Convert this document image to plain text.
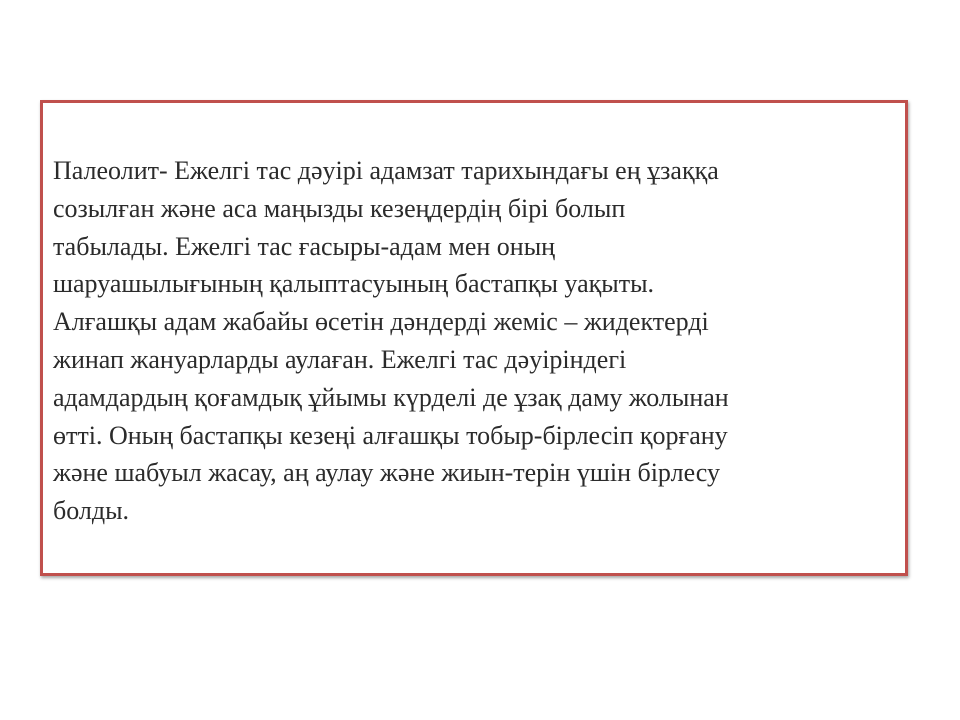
Палеолит- Ежелгі тас дәуірі адамзат тарихындағы ең ұзаққа
созылған және аса маңызды кезеңдердің бірі болып
табылады. Ежелгі тас ғасыры-адам мен оның
шаруашылығының қалыптасуының бастапқы уақыты.
Алғашқы адам жабайы өсетін дәндерді жеміс – жидектерді
жинап жануарларды аулаған. Ежелгі тас дәуіріндегі
адамдардың қоғамдық ұйымы күрделі де ұзақ даму жолынан
өтті. Оның бастапқы кезеңі алғашқы тобыр-бірлесіп қорғану
және шабуыл жасау, аң аулау және жиын-терін үшін бірлесу
болды.
